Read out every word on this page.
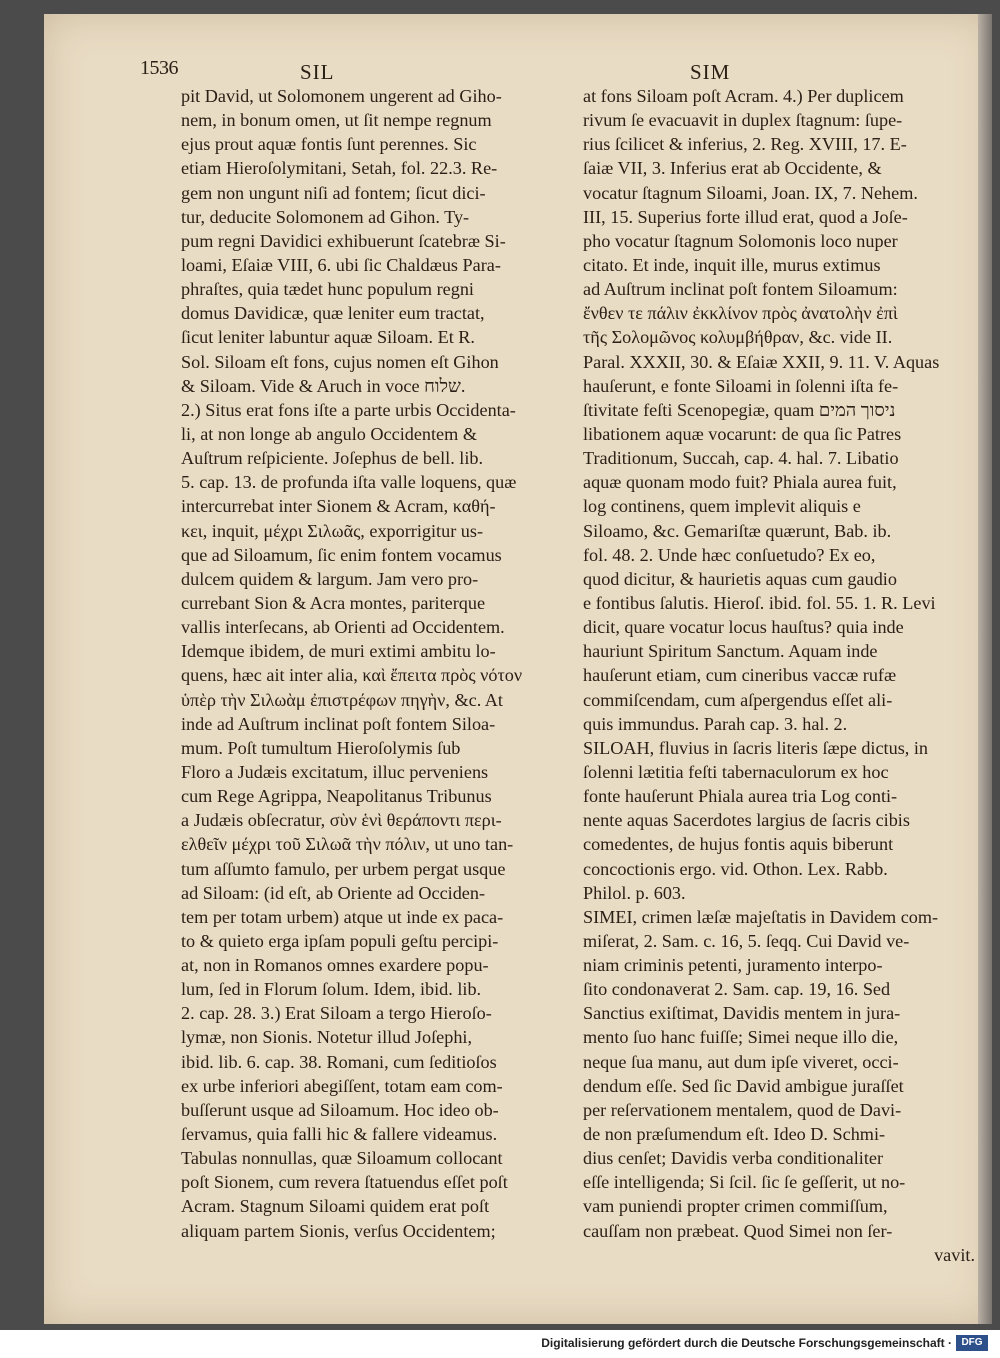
1536	SIL	SIM
pit David, ut Solomonem ungerent ad Giho-
nem, in bonum omen, ut ſit nempe regnum
ejus prout aquæ fontis ſunt perennes. Sic
etiam Hieroſolymitani, Setah, fol. 22.3. Re-
gem non ungunt niſi ad fontem; ſicut dici-
tur, deducite Solomonem ad Gihon. Ty-
pum regni Davidici exhibuerunt ſcatebræ Si-
loami, Eſaiæ VIII, 6. ubi ſic Chaldæus Para-
phraſtes, quia tædet hunc populum regni
domus Davidicæ, quæ leniter eum tractat,
ſicut leniter labuntur aquæ Siloam. Et R.
Sol. Siloam eſt fons, cujus nomen eſt Gihon
& Siloam. Vide & Aruch in voce שלוח.
2.) Situs erat fons iſte a parte urbis Occidenta-
li, at non longe ab angulo Occidentem &
Auſtrum reſpiciente. Joſephus de bell. lib.
5. cap. 13. de profunda iſta valle loquens, quæ
intercurrebat inter Sionem & Acram, καθή-
κει, inquit, μέχρι Σιλωᾶς, exporrigitur us-
que ad Siloamum, ſic enim fontem vocamus
dulcem quidem & largum. Jam vero pro-
currebant Sion & Acra montes, pariterque
vallis interſecans, ab Orienti ad Occidentem.
Idemque ibidem, de muri extimi ambitu lo-
quens, hæc ait inter alia, καὶ ἔπειτα πρὸς νότον
ὑπὲρ τὴν Σιλωὰμ ἐπιστρέφων πηγὴν, &c. At
inde ad Auſtrum inclinat poſt fontem Siloa-
mum. Poſt tumultum Hieroſolymis ſub
Floro a Judæis excitatum, illuc perveniens
cum Rege Agrippa, Neapolitanus Tribunus
a Judæis obſecratur, σὺν ἑνὶ θεράποντι περι-
ελθεῖν μέχρι τοῦ Σιλωᾶ τὴν πόλιν, ut uno tan-
tum aſſumto famulo, per urbem pergat usque
ad Siloam: (id eſt, ab Oriente ad Occiden-
tem per totam urbem) atque ut inde ex paca-
to & quieto erga ipſam populi geſtu percipi-
at, non in Romanos omnes exardere popu-
lum, ſed in Florum ſolum. Idem, ibid. lib.
2. cap. 28. 3.) Erat Siloam a tergo Hieroſo-
lymæ, non Sionis. Notetur illud Joſephi,
ibid. lib. 6. cap. 38. Romani, cum ſeditioſos
ex urbe inferiori abegiſſent, totam eam com-
buſſerunt usque ad Siloamum. Hoc ideo ob-
ſervamus, quia falli hic & fallere videamus.
Tabulas nonnullas, quæ Siloamum collocant
poſt Sionem, cum revera ſtatuendus eſſet poſt
Acram. Stagnum Siloami quidem erat poſt
aliquam partem Sionis, verſus Occidentem;
at fons Siloam poſt Acram. 4.) Per duplicem
rivum ſe evacuavit in duplex ſtagnum: ſupe-
rius ſcilicet & inferius, 2. Reg. XVIII, 17. E-
ſaiæ VII, 3. Inferius erat ab Occidente, &
vocatur ſtagnum Siloami, Joan. IX, 7. Nehem.
III, 15. Superius forte illud erat, quod a Joſe-
pho vocatur ſtagnum Solomonis loco nuper
citato. Et inde, inquit ille, murus extimus
ad Auſtrum inclinat poſt fontem Siloamum:
ἔνθεν τε πάλιν ἐκκλίνον πρὸς ἀνατολὴν ἐπὶ
τῆς Σολομῶνος κολυμβήθραν, &c. vide II.
Paral. XXXII, 30. & Eſaiæ XXII, 9. 11. V. Aquas
hauſerunt, e fonte Siloami in ſolenni iſta fe-
ſtivitate feſti Scenopegiæ, quam ניסוך המים
libationem aquæ vocarunt: de qua ſic Patres
Traditionum, Succah, cap. 4. hal. 7. Libatio
aquæ quonam modo fuit? Phiala aurea fuit,
log continens, quem implevit aliquis e
Siloamo, &c. Gemariſtæ quærunt, Bab. ib.
fol. 48. 2. Unde hæc conſuetudo? Ex eo,
quod dicitur, & haurietis aquas cum gaudio
e fontibus ſalutis. Hieroſ. ibid. fol. 55. 1. R. Levi
dicit, quare vocatur locus hauſtus? quia inde
hauriunt Spiritum Sanctum. Aquam inde
hauſerunt etiam, cum cineribus vaccæ rufæ
commiſcendam, cum aſpergendus eſſet ali-
quis immundus. Parah cap. 3. hal. 2.
SILOAH, fluvius in ſacris literis ſæpe dictus, in
ſolenni lætitia feſti tabernaculorum ex hoc
fonte hauſerunt Phiala aurea tria Log conti-
nente aquas Sacerdotes largius de ſacris cibis
comedentes, de hujus fontis aquis biberunt
concoctionis ergo. vid. Othon. Lex. Rabb.
Philol. p. 603.
SIMEI, crimen læſæ majeſtatis in Davidem com-
miſerat, 2. Sam. c. 16, 5. ſeqq. Cui David ve-
niam criminis petenti, juramento interpo-
ſito condonaverat 2. Sam. cap. 19, 16. Sed
Sanctius exiſtimat, Davidis mentem in jura-
mento ſuo hanc fuiſſe; Simei neque illo die,
neque ſua manu, aut dum ipſe viveret, occi-
dendum eſſe. Sed ſic David ambigue juraſſet
per reſervationem mentalem, quod de Davi-
de non præſumendum eſt. Ideo D. Schmi-
dius cenſet; Davidis verba conditionaliter
eſſe intelligenda; Si ſcil. ſic ſe geſſerit, ut no-
vam puniendi propter crimen commiſſum,
cauſſam non præbeat. Quod Simei non ſer-
vavit.
Digitalisierung gefördert durch die Deutsche Forschungsgemeinschaft · DFG
